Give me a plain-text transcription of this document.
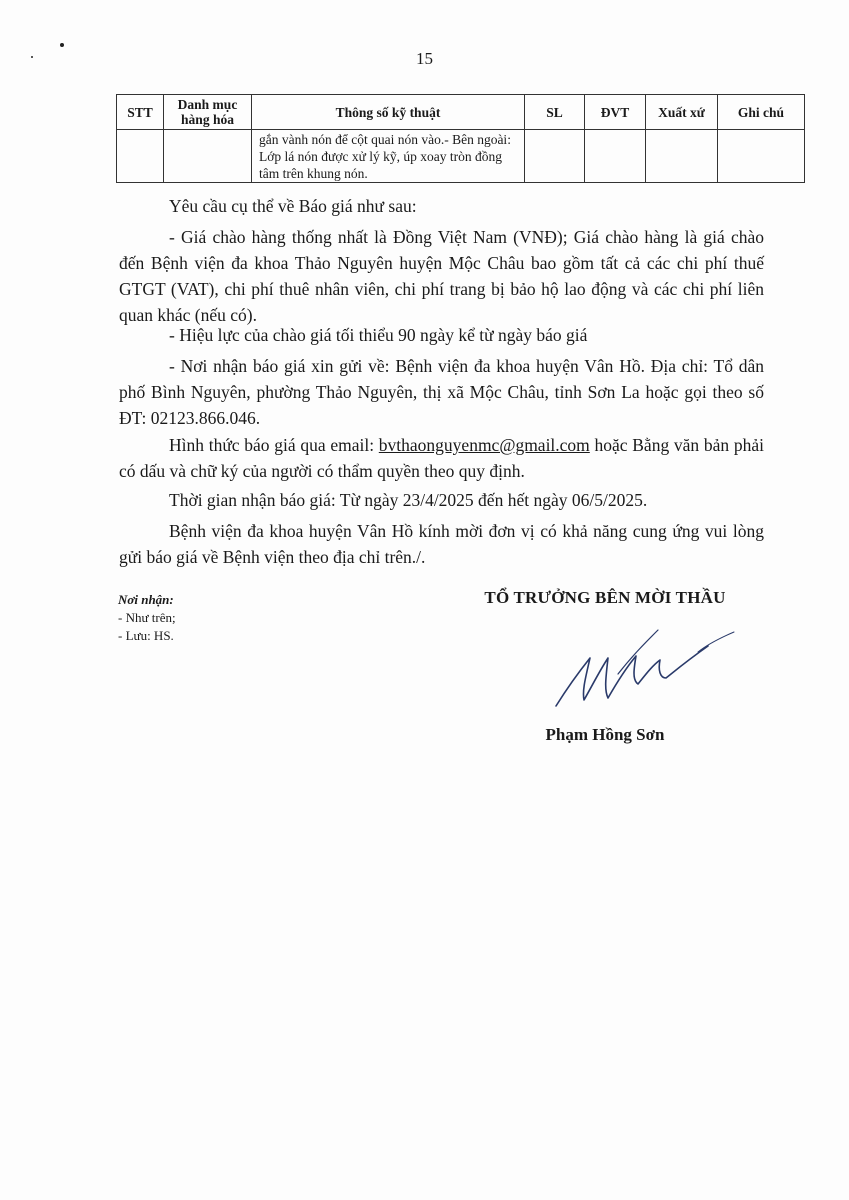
15
STT	Danh mục hàng hóa	Thông số kỹ thuật	SL	ĐVT	Xuất xứ	Ghi chú

		gắn vành nón để cột quai nón vào.- Bên ngoài: Lớp lá nón được xử lý kỹ, úp xoay tròn đồng tâm trên khung nón.				

Yêu cầu cụ thể về Báo giá như sau:
- Giá chào hàng thống nhất là Đồng Việt Nam (VNĐ); Giá chào hàng là giá chào đến Bệnh viện đa khoa Thảo Nguyên huyện Mộc Châu bao gồm tất cả các chi phí thuế GTGT (VAT), chi phí thuê nhân viên, chi phí trang bị bảo hộ lao động và các chi phí liên quan khác (nếu có).
- Hiệu lực của chào giá tối thiểu 90 ngày kể từ ngày báo giá
- Nơi nhận báo giá xin gửi về: Bệnh viện đa khoa huyện Vân Hồ. Địa chỉ: Tổ dân phố Bình Nguyên, phường Thảo Nguyên, thị xã Mộc Châu, tỉnh Sơn La hoặc gọi theo số ĐT: 02123.866.046.
Hình thức báo giá qua email: bvthaonguyenmc@gmail.com hoặc Bằng văn bản phải có dấu và chữ ký của người có thẩm quyền theo quy định.
Thời gian nhận báo giá: Từ ngày 23/4/2025 đến hết ngày 06/5/2025.
Bệnh viện đa khoa huyện Vân Hồ kính mời đơn vị có khả năng cung ứng vui lòng gửi báo giá về Bệnh viện theo địa chỉ trên./.
Nơi nhận:
- Như trên;
- Lưu: HS.
TỔ TRƯỞNG BÊN MỜI THẦU
Phạm Hồng Sơn
